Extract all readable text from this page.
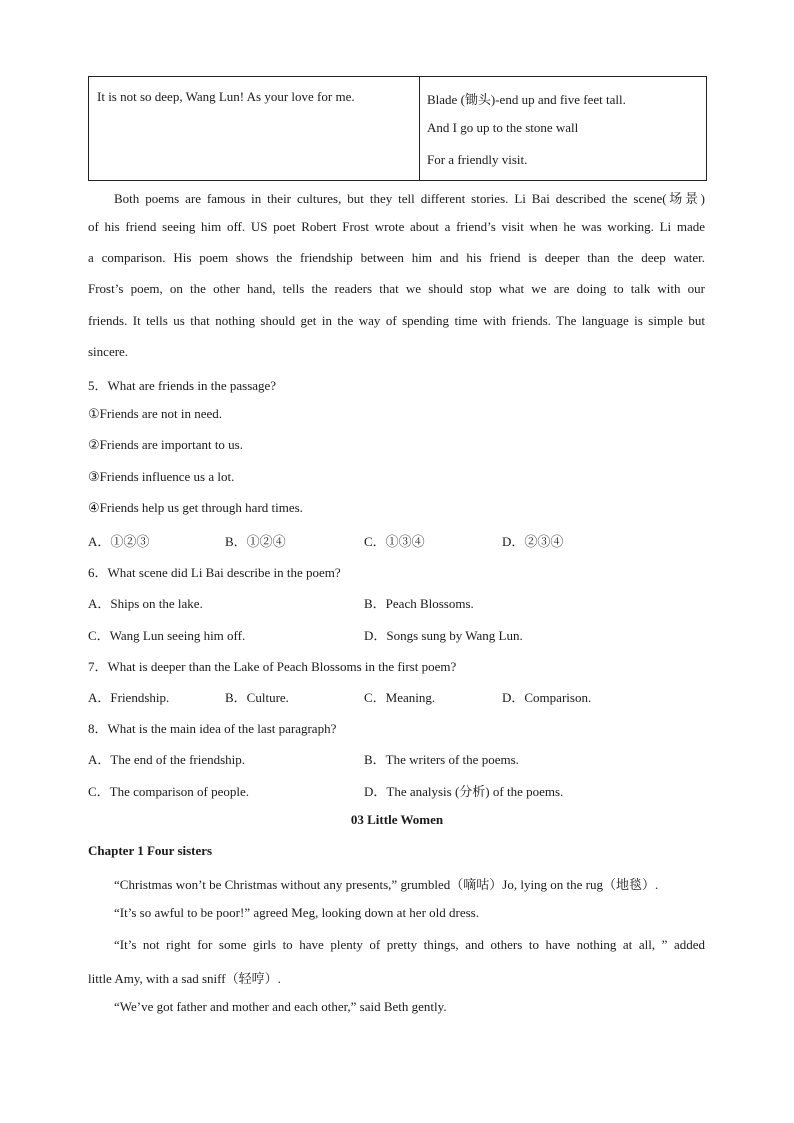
It is not so deep, Wang Lun! As your love for me.	Blade (锄头)-end up and five feet tall.
And I go up to the stone wall
For a friendly visit.
Both poems are famous in their cultures, but they tell different stories. Li Bai described the scene(场景)
of his friend seeing him off. US poet Robert Frost wrote about a friend’s visit when he was working. Li made
a comparison. His poem shows the friendship between him and his friend is deeper than the deep water.
Frost’s poem, on the other hand, tells the readers that we should stop what we are doing to talk with our
friends. It tells us that nothing should get in the way of spending time with friends. The language is simple but
sincere.
5．What are friends in the passage?
①Friends are not in need.
②Friends are important to us.
③Friends influence us a lot.
④Friends help us get through hard times.
A．①②③	B．①②④	C．①③④	D．②③④
6．What scene did Li Bai describe in the poem?
A．Ships on the lake.	B．Peach Blossoms.
C．Wang Lun seeing him off.	D．Songs sung by Wang Lun.
7．What is deeper than the Lake of Peach Blossoms in the first poem?
A．Friendship.	B．Culture.	C．Meaning.	D．Comparison.
8．What is the main idea of the last paragraph?
A．The end of the friendship.	B．The writers of the poems.
C．The comparison of people.	D．The analysis (分析) of the poems.
03 Little Women
Chapter 1 Four sisters
“Christmas won’t be Christmas without any presents,” grumbled（嘀咕）Jo, lying on the rug（地毯）.
“It’s so awful to be poor!” agreed Meg, looking down at her old dress.
“It’s not right for some girls to have plenty of pretty things, and others to have nothing at all, ” added
little Amy, with a sad sniff（轻哼）.
“We’ve got father and mother and each other,” said Beth gently.
